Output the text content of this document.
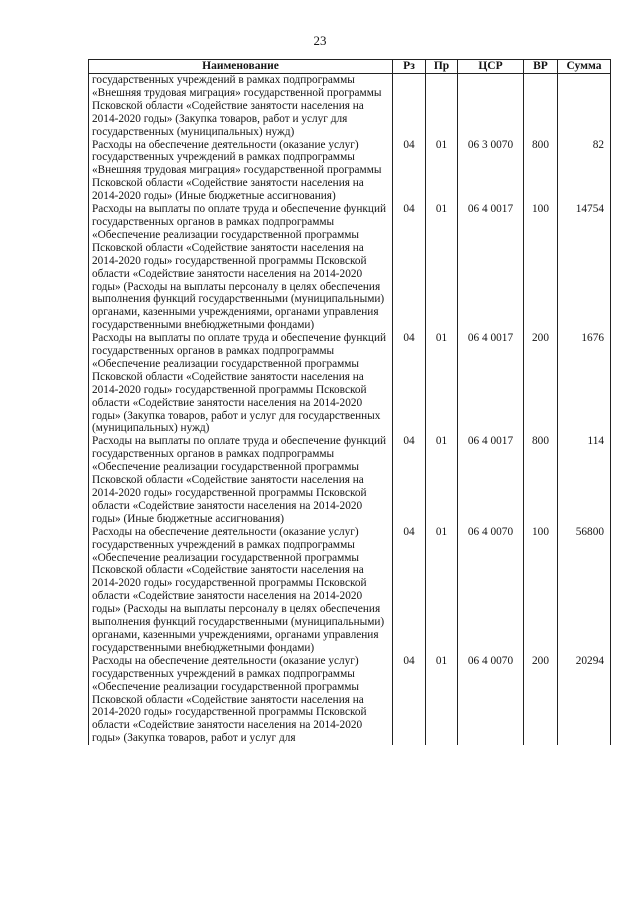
23
Наименование	Рз	Пр	ЦСР	ВР	Сумма
государственных учреждений в рамках подпрограммы «Внешняя трудовая миграция» государственной программы Псковской области «Содействие занятости населения на 2014-2020 годы» (Закупка товаров, работ и услуг для государственных (муниципальных) нужд)					
Расходы на обеспечение деятельности (оказание услуг) государственных учреждений в рамках подпрограммы «Внешняя трудовая миграция» государственной программы Псковской области «Содействие занятости населения на 2014-2020 годы» (Иные бюджетные ассигнования)	04	01	06 3 0070	800	82
Расходы на выплаты по оплате труда и обеспечение функций государственных органов в рамках подпрограммы «Обеспечение реализации государственной программы Псковской области «Содействие занятости населения на 2014-2020 годы» государственной программы Псковской области «Содействие занятости населения на 2014-2020 годы» (Расходы на выплаты персоналу в целях обеспечения выполнения функций государственными (муниципальными) органами, казенными учреждениями, органами управления государственными внебюджетными фондами)	04	01	06 4 0017	100	14754
Расходы на выплаты по оплате труда и обеспечение функций государственных органов в рамках подпрограммы «Обеспечение реализации государственной программы Псковской области «Содействие занятости населения на 2014-2020 годы» государственной программы Псковской области «Содействие занятости населения на 2014-2020 годы» (Закупка товаров, работ и услуг для государственных (муниципальных) нужд)	04	01	06 4 0017	200	1676
Расходы на выплаты по оплате труда и обеспечение функций государственных органов в рамках подпрограммы «Обеспечение реализации государственной программы Псковской области «Содействие занятости населения на 2014-2020 годы» государственной программы Псковской области «Содействие занятости населения на 2014-2020 годы» (Иные бюджетные ассигнования)	04	01	06 4 0017	800	114
Расходы на обеспечение деятельности (оказание услуг) государственных учреждений в рамках подпрограммы «Обеспечение реализации государственной программы Псковской области «Содействие занятости населения на 2014-2020 годы» государственной программы Псковской области «Содействие занятости населения на 2014-2020 годы» (Расходы на выплаты персоналу в целях обеспечения выполнения функций государственными (муниципальными) органами, казенными учреждениями, органами управления государственными внебюджетными фондами)	04	01	06 4 0070	100	56800
Расходы на обеспечение деятельности (оказание услуг) государственных учреждений в рамках подпрограммы «Обеспечение реализации государственной программы Псковской области «Содействие занятости населения на 2014-2020 годы» государственной программы Псковской области «Содействие занятости населения на 2014-2020 годы» (Закупка товаров, работ и услуг для	04	01	06 4 0070	200	20294
